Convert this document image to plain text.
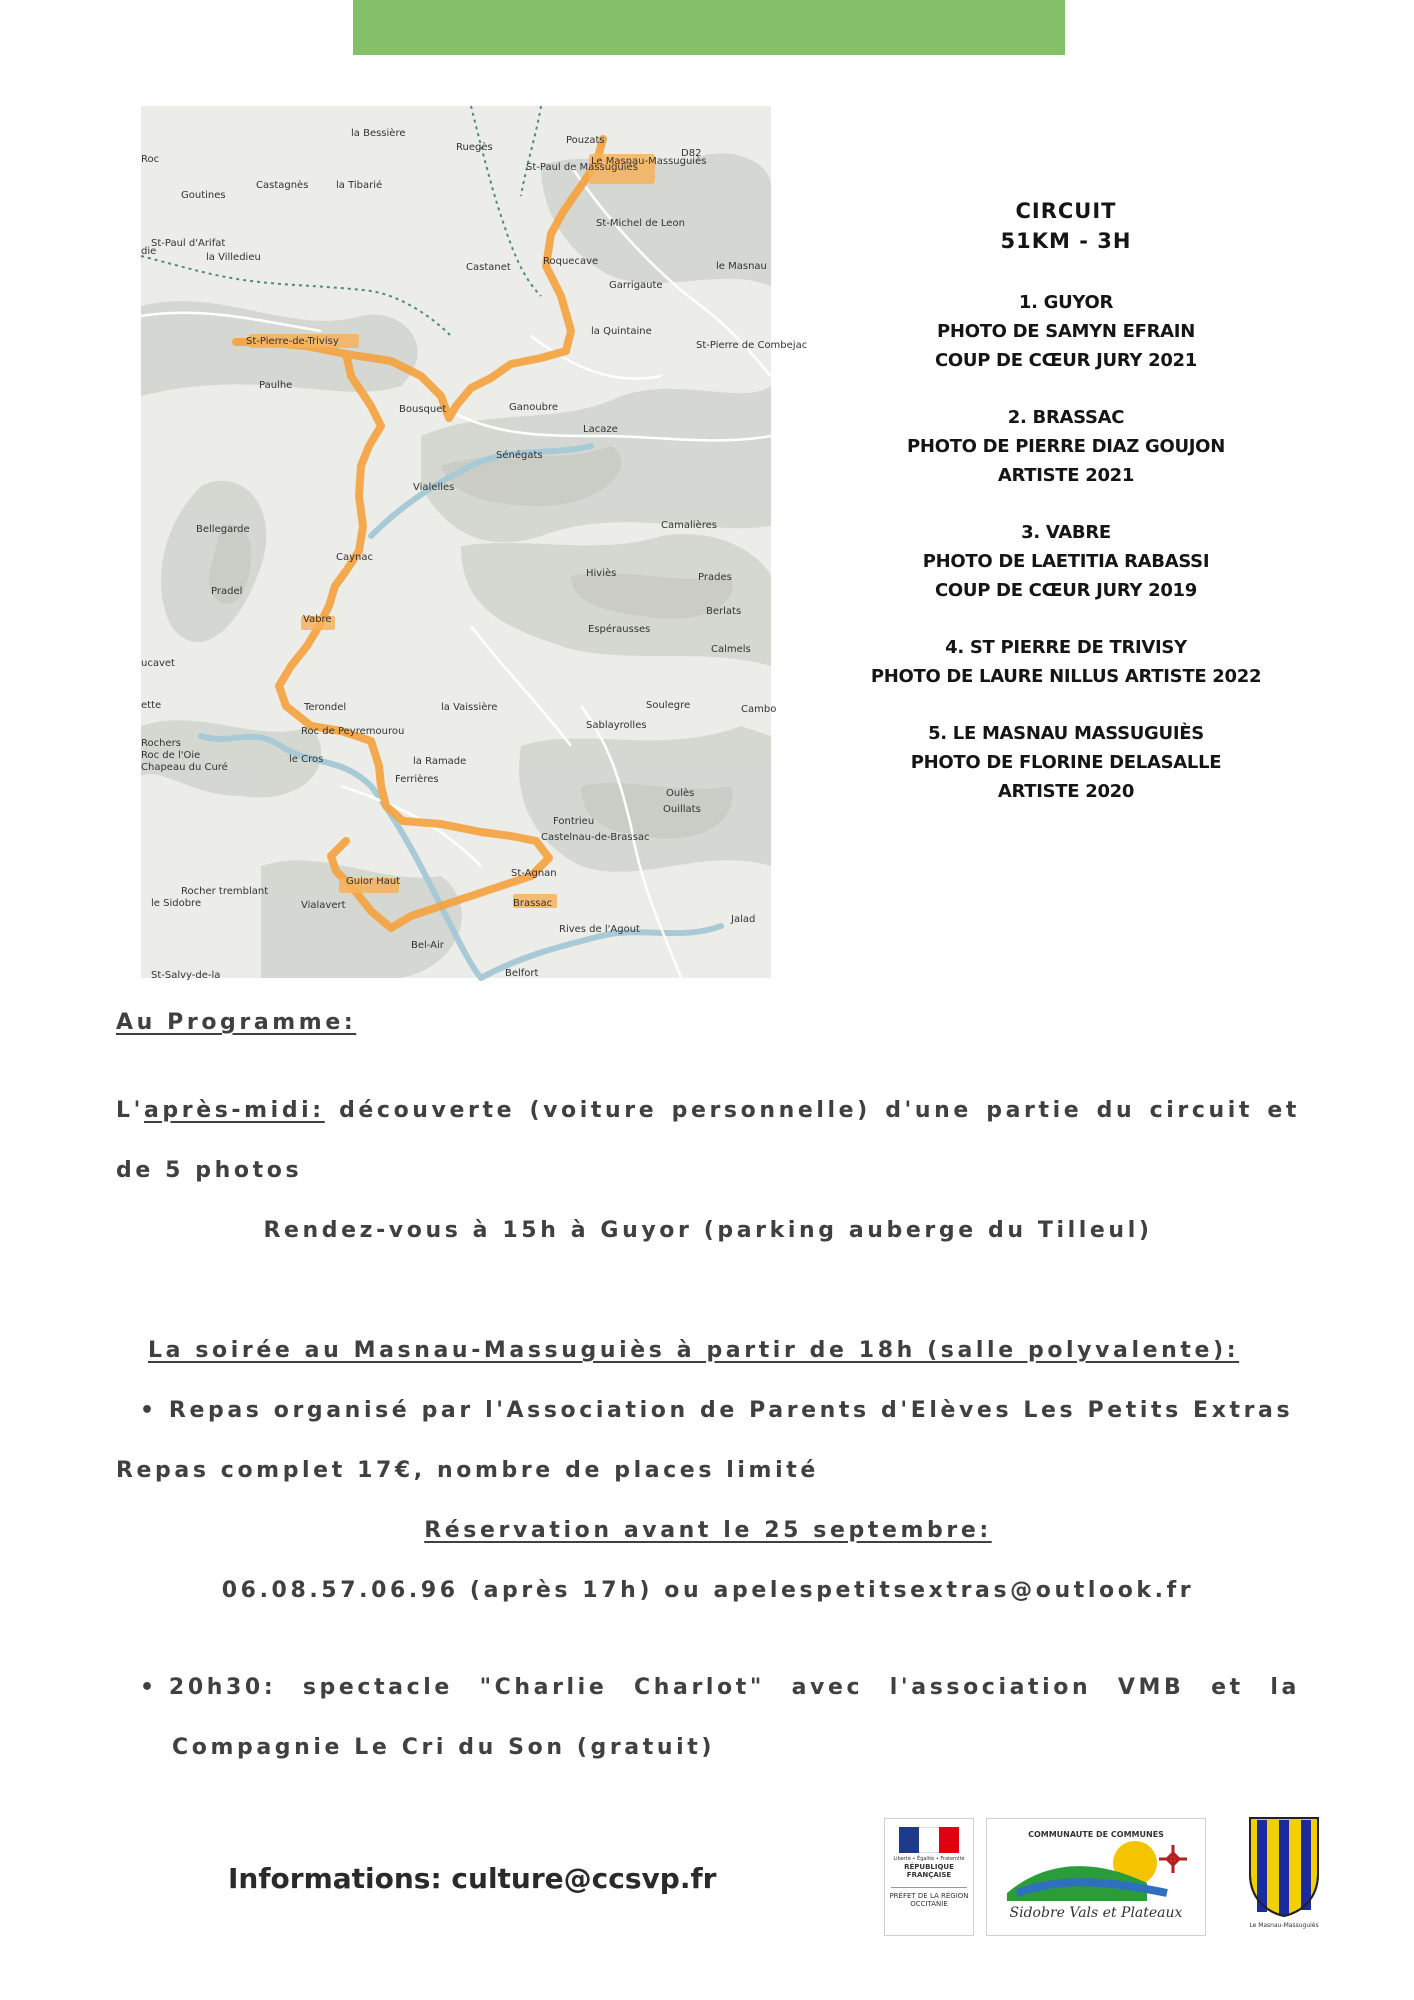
la Bessière
Ruegès
Pouzats
Le Masnau-Massuguiès
St-Paul de Massuguiès
D82
Roc
Castagnès	la Tibarié
Goutines
St-Michel de Leon
St-Paul d'Arifat
la Villedieu
Castanet
Roquecave	le Masnau
Garrigaute
la Quintaine
St-Pierre-de-Trivisy	St-Pierre de Combejac
Paulhe
Bousquet	Ganoubre
Lacaze
Sénégats
Vialelles
Camalières
Bellegarde
Caynac
Hiviès	Prades
Pradel
Berlats
Vabre
Espérausses
Calmels
Terondel	la Vaissière	Soulegre	Cambo
Roc de Peyremourou
Sablayrolles
Rochers
Roc de l'Oie
Chapeau du Curé
le Cros	la Ramade
Ferrières
Oulès
Ouillats
Fontrieu
Castelnau-de-Brassac
St-Agnan
Guior Haut
Rocher tremblant
le Sidobre	Vialavert	Brassac
Jalad
Rives de l'Agout
Bel-Air
Belfort
St-Salvy-de-la
ucavet
ette
die
CIRCUIT
51KM - 3H
1. GUYOR
PHOTO DE SAMYN EFRAIN
COUP DE CŒUR JURY 2021
2. BRASSAC
PHOTO DE PIERRE DIAZ GOUJON
ARTISTE 2021
3. VABRE
PHOTO DE LAETITIA RABASSI
COUP DE CŒUR JURY 2019
4. ST PIERRE DE TRIVISY
PHOTO DE LAURE NILLUS ARTISTE 2022
5. LE MASNAU MASSUGUIÈS
PHOTO DE FLORINE DELASALLE
ARTISTE 2020
Au Programme:
L'après-midi: découverte (voiture personnelle) d'une partie du circuit et
de 5 photos
Rendez-vous à 15h à Guyor (parking auberge du Tilleul)
La soirée au Masnau-Massuguiès à partir de 18h (salle polyvalente):
• Repas organisé par l'Association de Parents d'Elèves Les Petits Extras
Repas complet 17€, nombre de places limité
Réservation avant le 25 septembre:
06.08.57.06.96 (après 17h) ou apelespetitsextras@outlook.fr
• 20h30: spectacle "Charlie Charlot" avec l'association VMB et la
Compagnie Le Cri du Son (gratuit)
Informations: culture@ccsvp.fr
Liberté • Égalité • Fraternité
RÉPUBLIQUE FRANÇAISE
PRÉFET DE LA RÉGION OCCITANIE
COMMUNAUTE DE COMMUNES
Sidobre Vals et Plateaux
Le Masnau-Massuguiès
